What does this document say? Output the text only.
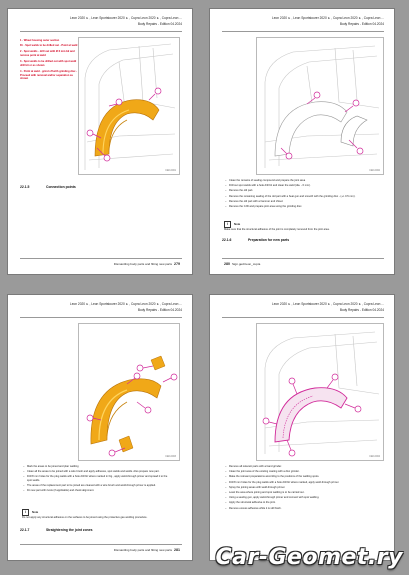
Leon 2020 ➤ , Leon Sportstourer 2020 ➤ , Cupra Leon 2020 ➤ , Cupra Leon ...
Body Repairs - Edition 04.2024
1 - Wheel housing outer section
Dr - Spot welds to be drilled out - Point at weld
2 - Spot welds - drill out with Ø 6 mm bit and remove point at weld
3 - Spot welds to be drilled out with spot weld drill bit or as shown
4 - Point at weld - grind off with grinding disc - Proceed with removal and/or separation as shown
CE0-0001
22.1.5	Connection points
Dismantling body parts and fitting new parts 279
Leon 2020 ➤ , Leon Sportstourer 2020 ➤ , Cupra Leon 2020 ➤ , Cupra Leon ...
Body Repairs - Edition 04.2024
CE0-0002
– Clean the remains of sealing compound and prepare the joint area
– Drill out spot welds with a hole drill bit and clean the weld (dia. - 6 mm).
– Remove the old part.
– Remove the remaining sealing of the old part with a heat gun and smooth with the grinding disc - (+/- 0.5 mm).
– Remove the old part with a hammer and chisel.
– Remove the CJD and prepare joint area using the grinding disc.
i Note
Make sure that the structural adhesive of the joint is completely removed from the joint area.
22.1.6	Preparation for new parts
280 Sign.gedr.leon_cupra
Leon 2020 ➤ , Leon Sportstourer 2020 ➤ , Cupra Leon 2020 ➤ , Cupra Leon ...
Body Repairs - Edition 04.2024
CE0-0003
– Mark the areas to be joined and plan welding
– Clean all the areas to be joined with a wire brush and apply adhesive, spot welds and welds. Also prepare new part.
– Drill 8 mm holes for the plug welds with a hole drill bit where marked in Fig., apply weld-through primer and spread it to the spot welds.
– The areas of the replacement part to be joined are cleaned with a wire brush and weld-through primer is applied.
– Fit new part with rivets (if applicable) and check alignment.
i Note
Do not apply any structural adhesive on the surfaces to be joined using the protective gas welding procedure.
22.1.7	Straightening the joint zones
Dismantling body parts and fitting new parts 281
Leon 2020 ➤ , Leon Sportstourer 2020 ➤ , Cupra Leon 2020 ➤ , Cupra Leon ...
Body Repairs - Edition 04.2024
CE0-0004
– Remove all relevant parts with a band grinder.
– Clean the joint area of the existing coating with a disc grinder.
– Make the relevant preparations according to the positions of the welding spots.
– Drill 8 mm holes for the plug welds with a hole drill bit where marked, apply weld-through primer.
– Spray the joining areas with weld-through primer.
– Level the area where joining and spot welding is to be carried out.
– Using a sealing gun, apply weld-through primer and connect with spot welding.
– Apply the structural adhesive to the joint.
– Remove excess adhesive while it is still fresh.
Car-Geomet.ry
